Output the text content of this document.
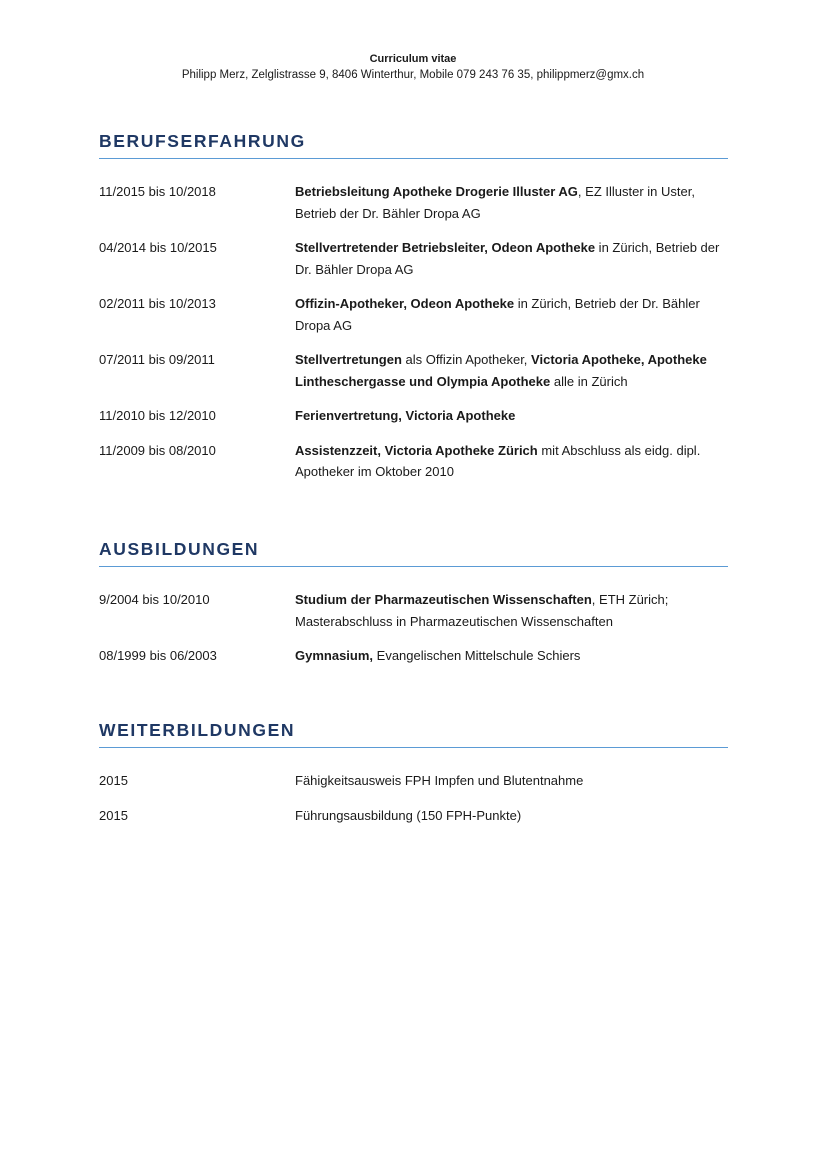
Curriculum vitae
Philipp Merz, Zelglistrasse 9, 8406 Winterthur, Mobile 079 243 76 35, philippmerz@gmx.ch
BERUFSERFAHRUNG
11/2015 bis 10/2018	Betriebsleitung Apotheke Drogerie Illuster AG, EZ Illuster in Uster, Betrieb der Dr. Bähler Dropa AG
04/2014 bis 10/2015	Stellvertretender Betriebsleiter, Odeon Apotheke in Zürich, Betrieb der Dr. Bähler Dropa AG
02/2011 bis 10/2013	Offizin-Apotheker, Odeon Apotheke in Zürich, Betrieb der Dr. Bähler Dropa AG
07/2011 bis 09/2011	Stellvertretungen als Offizin Apotheker, Victoria Apotheke, Apotheke Lintheschergasse und Olympia Apotheke alle in Zürich
11/2010 bis 12/2010	Ferienvertretung, Victoria Apotheke
11/2009 bis 08/2010	Assistenzzeit, Victoria Apotheke Zürich mit Abschluss als eidg. dipl. Apotheker im Oktober 2010
AUSBILDUNGEN
9/2004 bis 10/2010	Studium der Pharmazeutischen Wissenschaften, ETH Zürich; Masterabschluss in Pharmazeutischen Wissenschaften
08/1999 bis 06/2003	Gymnasium, Evangelischen Mittelschule Schiers
WEITERBILDUNGEN
2015	Fähigkeitsausweis FPH Impfen und Blutentnahme
2015	Führungsausbildung (150 FPH-Punkte)
